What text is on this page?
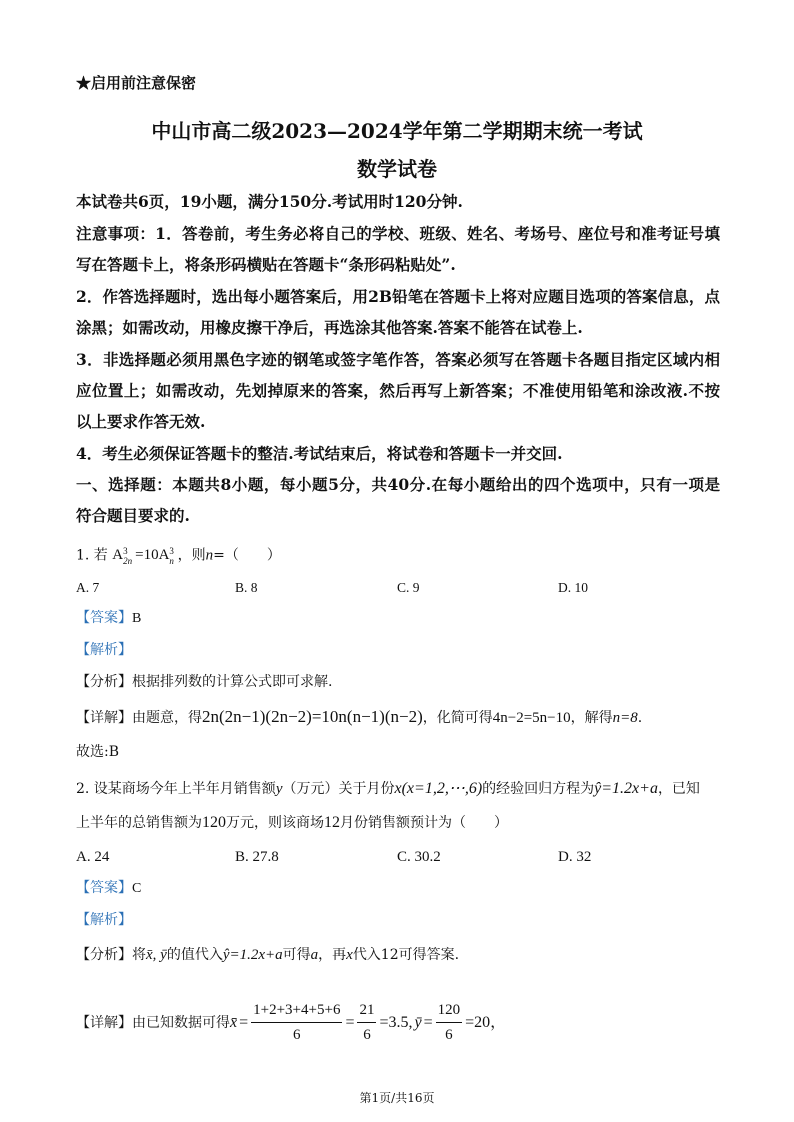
★启用前注意保密
中山市高二级2023—2024学年第二学期期末统一考试
数学试卷
本试卷共6页，19小题，满分150分.考试用时120分钟.
注意事项：1．答卷前，考生务必将自己的学校、班级、姓名、考场号、座位号和准考证号填
写在答题卡上，将条形码横贴在答题卡“条形码粘贴处”.
2．作答选择题时，选出每小题答案后，用2B铅笔在答题卡上将对应题目选项的答案信息，点
涂黑；如需改动，用橡皮擦干净后，再选涂其他答案.答案不能答在试卷上.
3．非选择题必须用黑色字迹的钢笔或签字笔作答，答案必须写在答题卡各题目指定区域内相
应位置上；如需改动，先划掉原来的答案，然后再写上新答案；不准使用铅笔和涂改液.不按
以上要求作答无效.
4．考生必须保证答题卡的整洁.考试结束后，将试卷和答题卡一并交回.
一、选择题：本题共8小题，每小题5分，共40分.在每小题给出的四个选项中，只有一项是
符合题目要求的.
1. 若 A 3
2n =10A 3
n ，则n=（　　）
A. 7	B. 8	C. 9	D. 10
【答案】B
【解析】
【分析】根据排列数的计算公式即可求解.
【详解】由题意，得2n(2n−1)(2n−2)=10n(n−1)(n−2)，化简可得4n−2=5n−10，解得n=8.
故选:B
2. 设某商场今年上半年月销售额y（万元）关于月份x(x=1,2,⋯,6)的经验回归方程为ŷ=1.2x+a，已知
上半年的总销售额为120万元，则该商场12月份销售额预计为（　　）
A. 24	B. 27.8	C. 30.2	D. 32
【答案】C
【解析】
【分析】将x̄, ȳ的值代入ŷ=1.2x+a可得a，再x代入12可得答案.
【详解】 由已知数据可得 x̄ = $\frac{1+2+3+4+5+6}{6} = \frac{21}{6} =3.5$, ȳ = $\frac{120}{6} =20$，
第1页/共16页
